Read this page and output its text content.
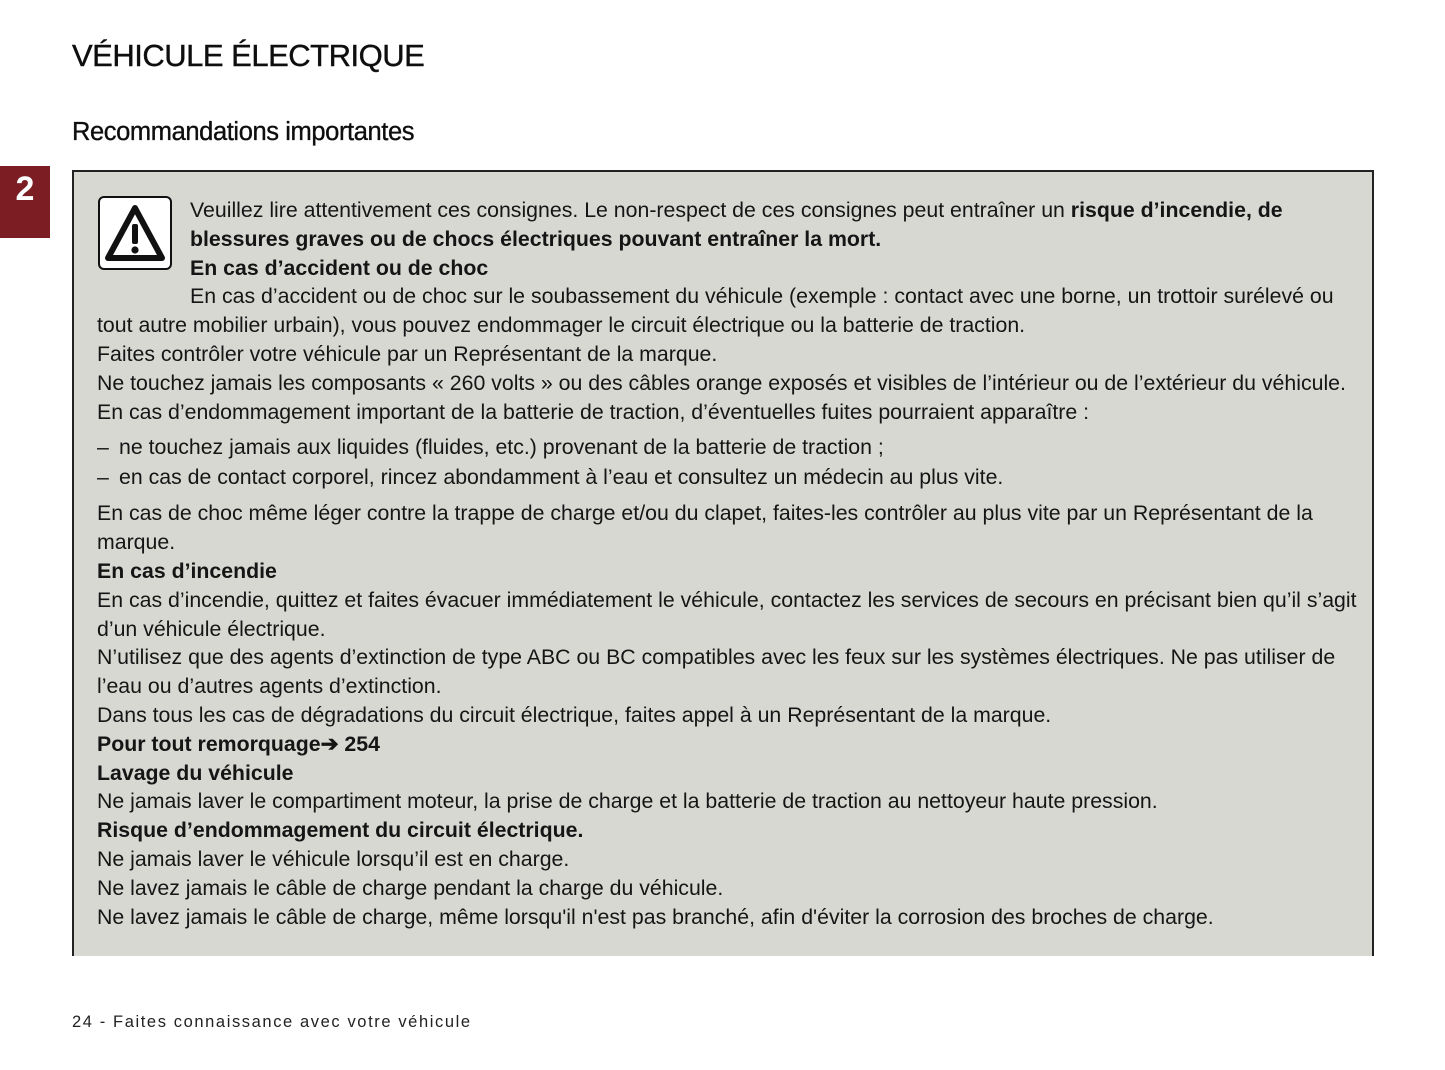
VÉHICULE ÉLECTRIQUE
Recommandations importantes
2

Veuillez lire attentivement ces consignes. Le non-respect de ces consignes peut entraîner un risque d’incendie, de blessures graves ou de chocs électriques pouvant entraîner la mort.

En cas d’accident ou de choc

En cas d’accident ou de choc sur le soubassement du véhicule (exemple : contact avec une borne, un trottoir surélevé ou tout autre mobilier urbain), vous pouvez endommager le circuit électrique ou la batterie de traction.

Faites contrôler votre véhicule par un Représentant de la marque.

Ne touchez jamais les composants « 260 volts » ou des câbles orange exposés et visibles de l’intérieur ou de l’extérieur du véhicule.

En cas d’endommagement important de la batterie de traction, d’éventuelles fuites pourraient apparaître :

– ne touchez jamais aux liquides (fluides, etc.) provenant de la batterie de traction ;
– en cas de contact corporel, rincez abondamment à l’eau et consultez un médecin au plus vite.

En cas de choc même léger contre la trappe de charge et/ou du clapet, faites-les contrôler au plus vite par un Représentant de la marque.

En cas d’incendie

En cas d’incendie, quittez et faites évacuer immédiatement le véhicule, contactez les services de secours en précisant bien qu’il s’agit d’un véhicule électrique.

N’utilisez que des agents d’extinction de type ABC ou BC compatibles avec les feux sur les systèmes électriques. Ne pas utiliser de l’eau ou d’autres agents d’extinction.

Dans tous les cas de dégradations du circuit électrique, faites appel à un Représentant de la marque.

Pour tout remorquage➔ 254

Lavage du véhicule

Ne jamais laver le compartiment moteur, la prise de charge et la batterie de traction au nettoyeur haute pression.

Risque d’endommagement du circuit électrique.

Ne jamais laver le véhicule lorsqu’il est en charge.

Ne lavez jamais le câble de charge pendant la charge du véhicule.

Ne lavez jamais le câble de charge, même lorsqu'il n'est pas branché, afin d'éviter la corrosion des broches de charge.

24 - Faites connaissance avec votre véhicule
